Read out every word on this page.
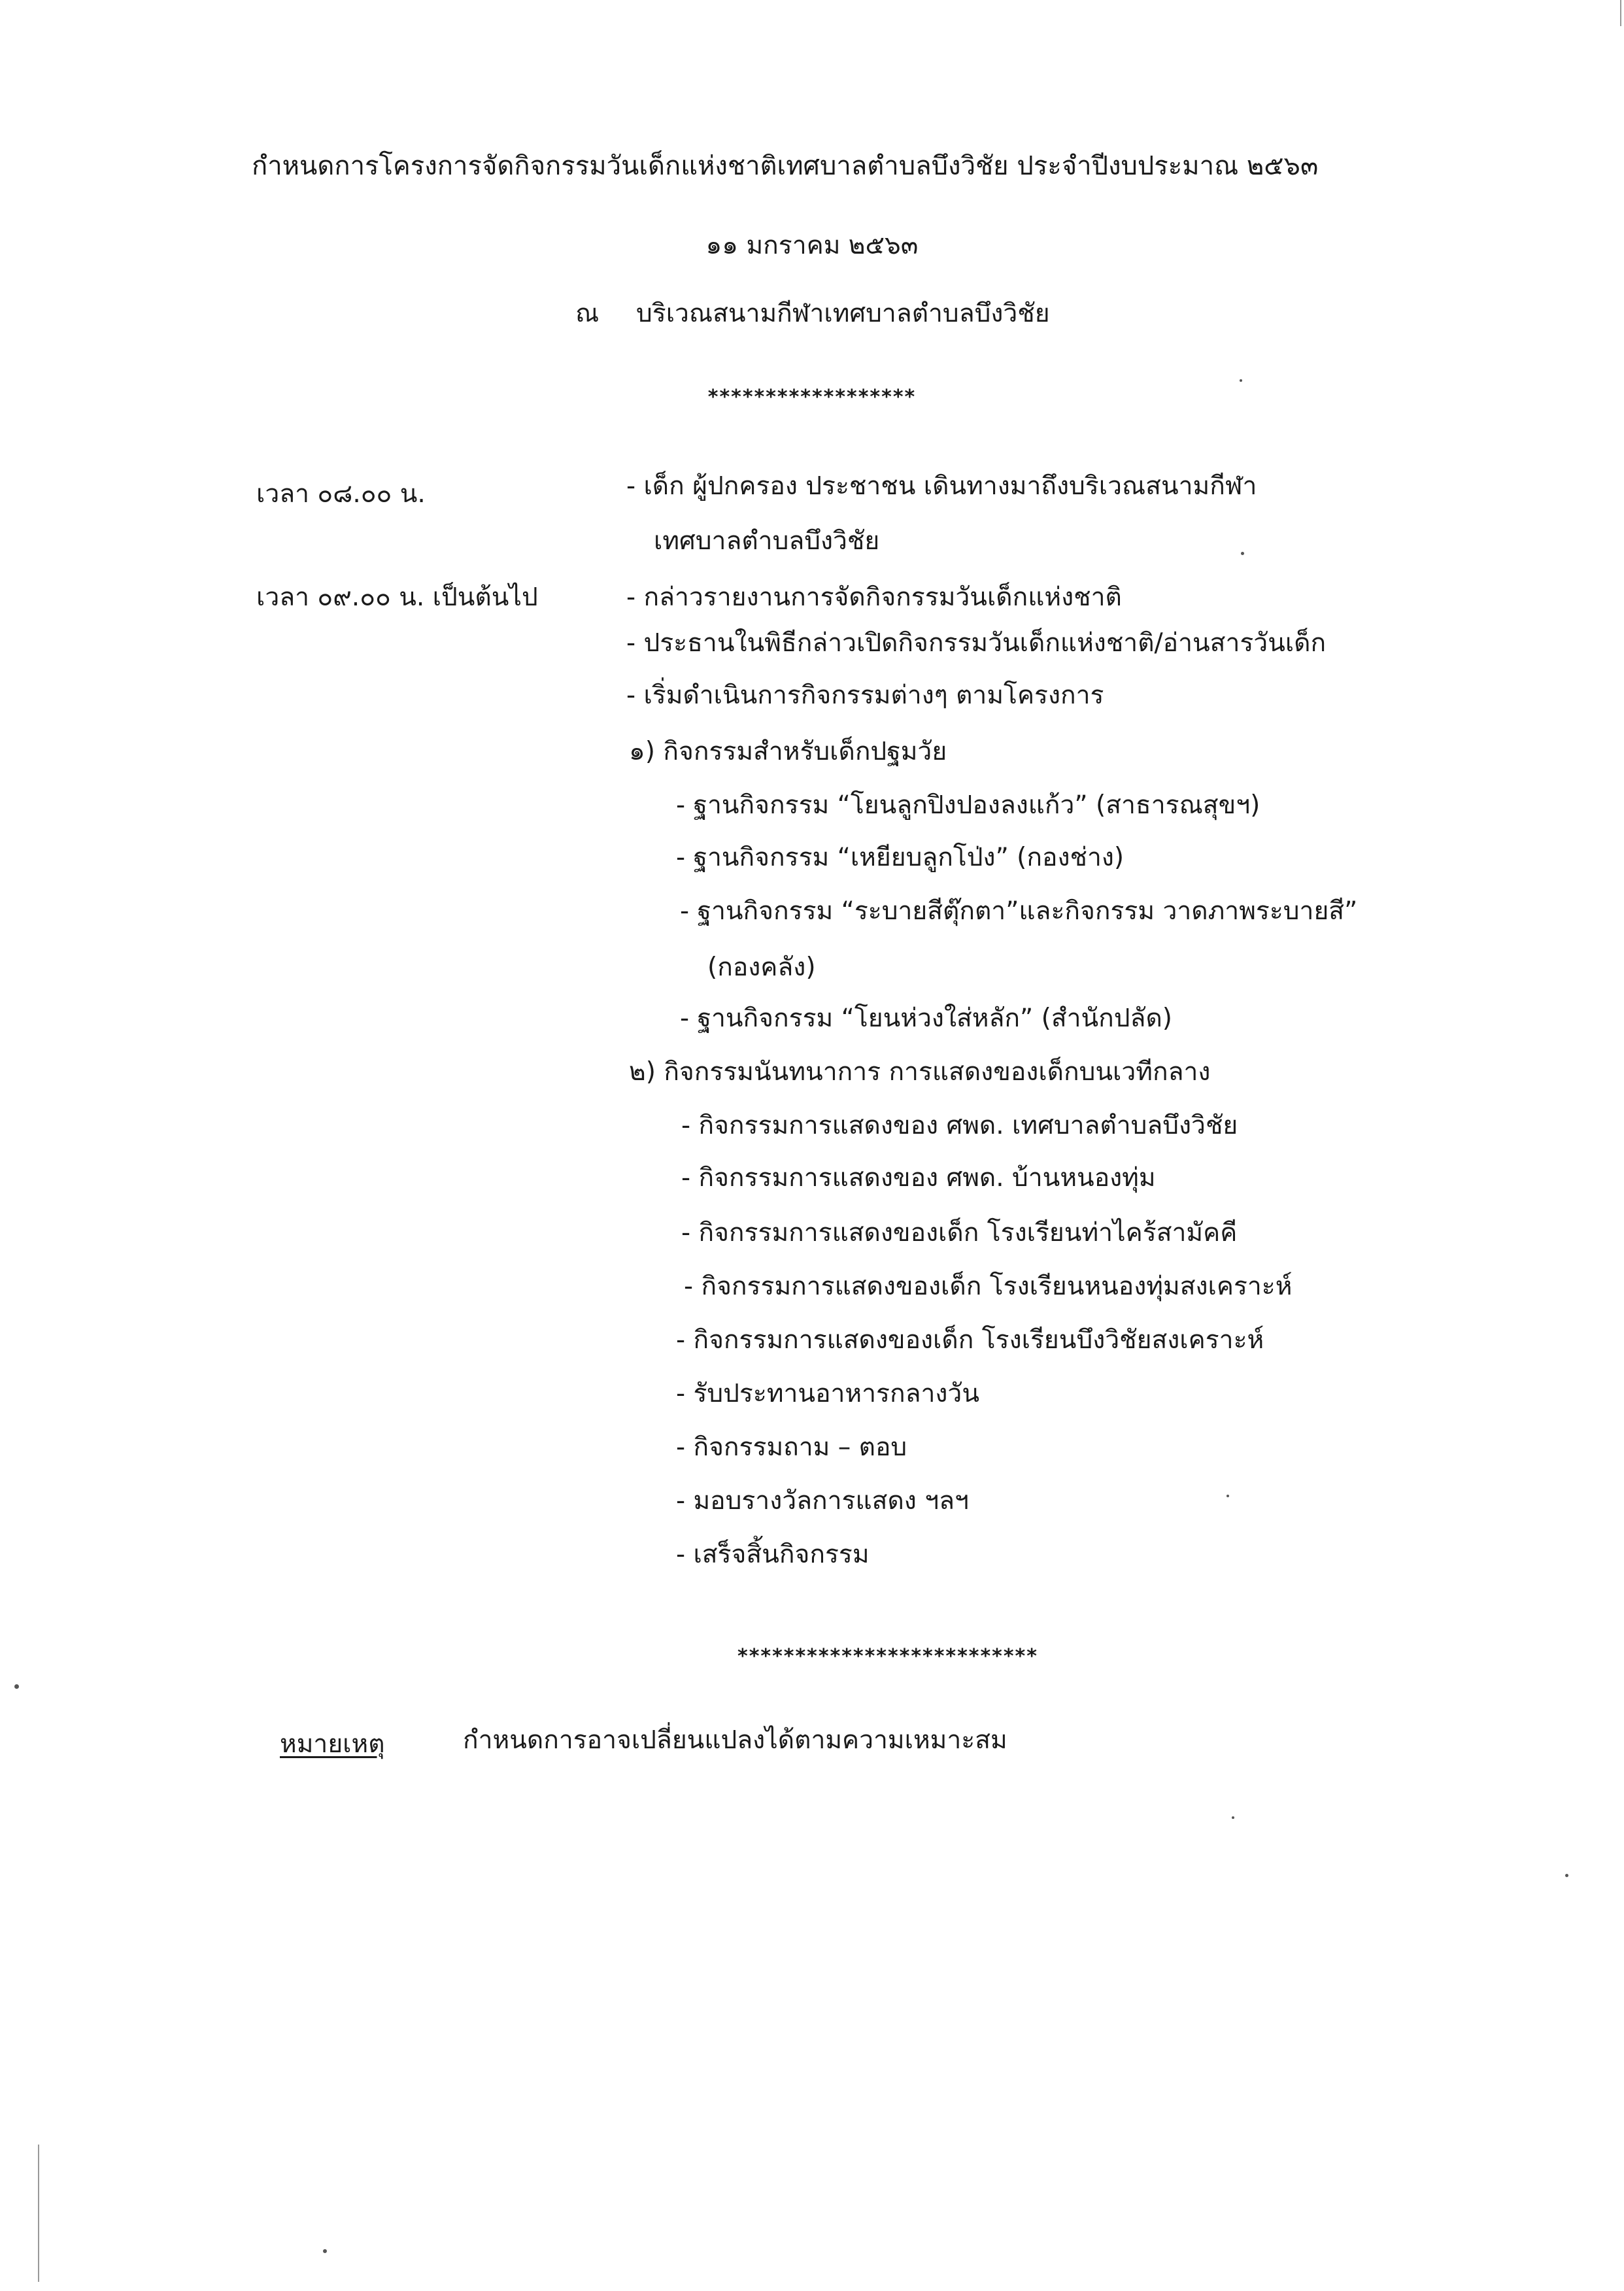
กำหนดการโครงการจัดกิจกรรมวันเด็กแห่งชาติเทศบาลตำบลบึงวิชัย ประจำปีงบประมาณ ๒๕๖๓
๑๑ มกราคม ๒๕๖๓
ณ บริเวณสนามกีฬาเทศบาลตำบลบึงวิชัย
******************
เวลา ๐๘.๐๐ น.	- เด็ก ผู้ปกครอง ประชาชน เดินทางมาถึงบริเวณสนามกีฬา
เทศบาลตำบลบึงวิชัย
เวลา ๐๙.๐๐ น. เป็นต้นไป	- กล่าวรายงานการจัดกิจกรรมวันเด็กแห่งชาติ
- ประธานในพิธีกล่าวเปิดกิจกรรมวันเด็กแห่งชาติ/อ่านสารวันเด็ก
- เริ่มดำเนินการกิจกรรมต่างๆ ตามโครงการ
๑) กิจกรรมสำหรับเด็กปฐมวัย
- ฐานกิจกรรม “โยนลูกปิงปองลงแก้ว” (สาธารณสุขฯ)
- ฐานกิจกรรม “เหยียบลูกโป่ง” (กองช่าง)
- ฐานกิจกรรม “ระบายสีตุ๊กตา”และกิจกรรม วาดภาพระบายสี”
(กองคลัง)
- ฐานกิจกรรม “โยนห่วงใส่หลัก” (สำนักปลัด)
๒) กิจกรรมนันทนาการ การแสดงของเด็กบนเวทีกลาง
- กิจกรรมการแสดงของ ศพด. เทศบาลตำบลบึงวิชัย
- กิจกรรมการแสดงของ ศพด. บ้านหนองทุ่ม
- กิจกรรมการแสดงของเด็ก โรงเรียนท่าไคร้สามัคคี
- กิจกรรมการแสดงของเด็ก โรงเรียนหนองทุ่มสงเคราะห์
- กิจกรรมการแสดงของเด็ก โรงเรียนบึงวิชัยสงเคราะห์
- รับประทานอาหารกลางวัน
- กิจกรรมถาม – ตอบ
- มอบรางวัลการแสดง ฯลฯ
- เสร็จสิ้นกิจกรรม
**************************
หมายเหตุ	กำหนดการอาจเปลี่ยนแปลงได้ตามความเหมาะสม
